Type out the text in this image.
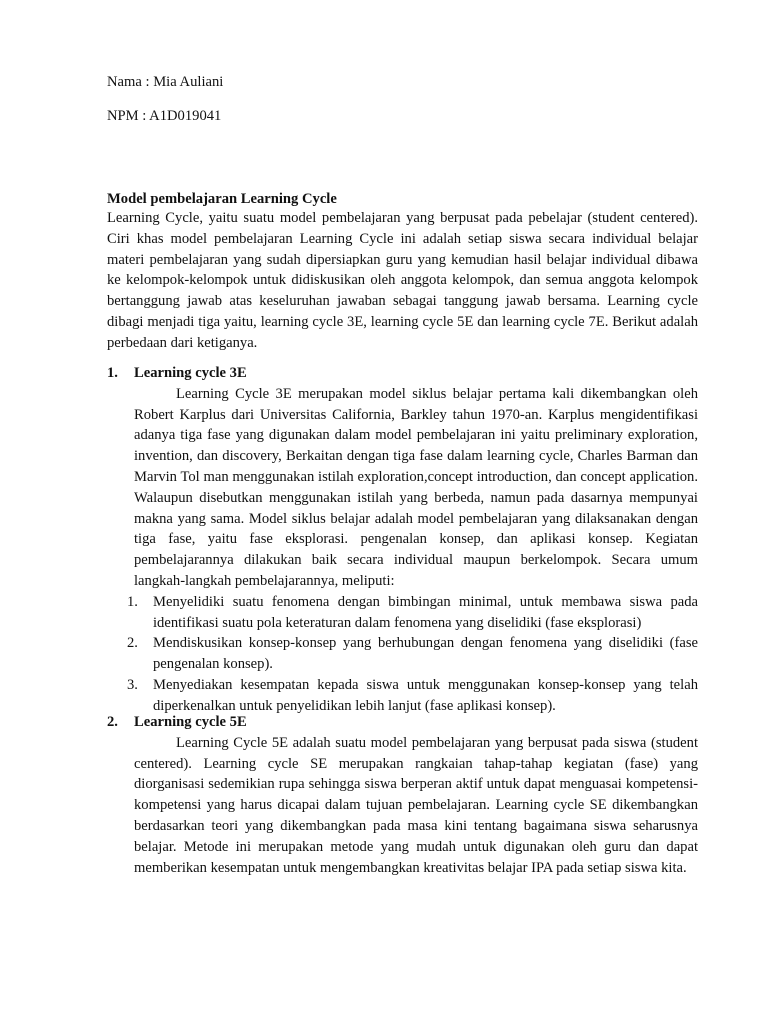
Nama : Mia Auliani

NPM : A1D019041

Model pembelajaran Learning Cycle

Learning Cycle, yaitu suatu model pembelajaran yang berpusat pada pebelajar (student centered). Ciri khas model pembelajaran Learning Cycle ini adalah setiap siswa secara individual belajar materi pembelajaran yang sudah dipersiapkan guru yang kemudian hasil belajar individual dibawa ke kelompok-kelompok untuk didiskusikan oleh anggota kelompok, dan semua anggota kelompok bertanggung jawab atas keseluruhan jawaban sebagai tanggung jawab bersama. Learning cycle dibagi menjadi tiga yaitu, learning cycle 3E, learning cycle 5E dan learning cycle 7E. Berikut adalah perbedaan dari ketiganya.

1. Learning cycle 3E

Learning Cycle 3E merupakan model siklus belajar pertama kali dikembangkan oleh Robert Karplus dari Universitas California, Barkley tahun 1970-an. Karplus mengidentifikasi adanya tiga fase yang digunakan dalam model pembelajaran ini yaitu preliminary exploration, invention, dan discovery, Berkaitan dengan tiga fase dalam learning cycle, Charles Barman dan Marvin Tol man menggunakan istilah exploration,concept introduction, dan concept application. Walaupun disebutkan menggunakan istilah yang berbeda, namun pada dasarnya mempunyai makna yang sama. Model siklus belajar adalah model pembelajaran yang dilaksanakan dengan tiga fase, yaitu fase eksplorasi. pengenalan konsep, dan aplikasi konsep. Kegiatan pembelajarannya dilakukan baik secara individual maupun berkelompok. Secara umum langkah-langkah pembelajarannya, meliputi:

1. Menyelidiki suatu fenomena dengan bimbingan minimal, untuk membawa siswa pada identifikasi suatu pola keteraturan dalam fenomena yang diselidiki (fase eksplorasi)
2. Mendiskusikan konsep-konsep yang berhubungan dengan fenomena yang diselidiki (fase pengenalan konsep).
3. Menyediakan kesempatan kepada siswa untuk menggunakan konsep-konsep yang telah diperkenalkan untuk penyelidikan lebih lanjut (fase aplikasi konsep).

2. Learning cycle 5E

Learning Cycle 5E adalah suatu model pembelajaran yang berpusat pada siswa (student centered). Learning cycle SE merupakan rangkaian tahap-tahap kegiatan (fase) yang diorganisasi sedemikian rupa sehingga siswa berperan aktif untuk dapat menguasai kompetensi-kompetensi yang harus dicapai dalam tujuan pembelajaran. Learning cycle SE dikembangkan berdasarkan teori yang dikembangkan pada masa kini tentang bagaimana siswa seharusnya belajar. Metode ini merupakan metode yang mudah untuk digunakan oleh guru dan dapat memberikan kesempatan untuk mengembangkan kreativitas belajar IPA pada setiap siswa kita.
